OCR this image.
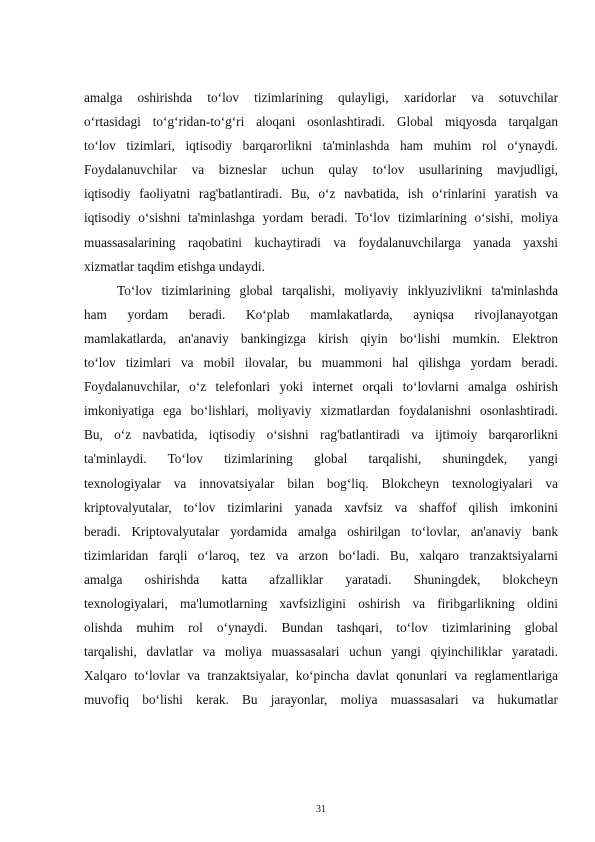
amalga oshirishda to‘lov tizimlarining qulayligi, xaridorlar va sotuvchilar
o‘rtasidagi to‘g‘ridan-to‘g‘ri aloqani osonlashtiradi. Global miqyosda tarqalgan
to‘lov tizimlari, iqtisodiy barqarorlikni ta'minlashda ham muhim rol o‘ynaydi.
Foydalanuvchilar va bizneslar uchun qulay to‘lov usullarining mavjudligi,
iqtisodiy faoliyatni rag'batlantiradi. Bu, o‘z navbatida, ish o‘rinlarini yaratish va
iqtisodiy o‘sishni ta'minlashga yordam beradi. To‘lov tizimlarining o‘sishi, moliya
muassasalarining raqobatini kuchaytiradi va foydalanuvchilarga yanada yaxshi
xizmatlar taqdim etishga undaydi.
To‘lov tizimlarining global tarqalishi, moliyaviy inklyuzivlikni ta'minlashda
ham yordam beradi. Ko‘plab mamlakatlarda, ayniqsa rivojlanayotgan
mamlakatlarda, an'anaviy bankingizga kirish qiyin bo‘lishi mumkin. Elektron
to‘lov tizimlari va mobil ilovalar, bu muammoni hal qilishga yordam beradi.
Foydalanuvchilar, o‘z telefonlari yoki internet orqali to‘lovlarni amalga oshirish
imkoniyatiga ega bo‘lishlari, moliyaviy xizmatlardan foydalanishni osonlashtiradi.
Bu, o‘z navbatida, iqtisodiy o‘sishni rag'batlantiradi va ijtimoiy barqarorlikni
ta'minlaydi. To‘lov tizimlarining global tarqalishi, shuningdek, yangi
texnologiyalar va innovatsiyalar bilan bog‘liq. Blokcheyn texnologiyalari va
kriptovalyutalar, to‘lov tizimlarini yanada xavfsiz va shaffof qilish imkonini
beradi. Kriptovalyutalar yordamida amalga oshirilgan to‘lovlar, an'anaviy bank
tizimlaridan farqli o‘laroq, tez va arzon bo‘ladi. Bu, xalqaro tranzaktsiyalarni
amalga oshirishda katta afzalliklar yaratadi. Shuningdek, blokcheyn
texnologiyalari, ma'lumotlarning xavfsizligini oshirish va firibgarlikning oldini
olishda muhim rol o‘ynaydi. Bundan tashqari, to‘lov tizimlarining global
tarqalishi, davlatlar va moliya muassasalari uchun yangi qiyinchiliklar yaratadi.
Xalqaro to‘lovlar va tranzaktsiyalar, ko‘pincha davlat qonunlari va reglamentlariga
muvofiq bo‘lishi kerak. Bu jarayonlar, moliya muassasalari va hukumatlar
31
